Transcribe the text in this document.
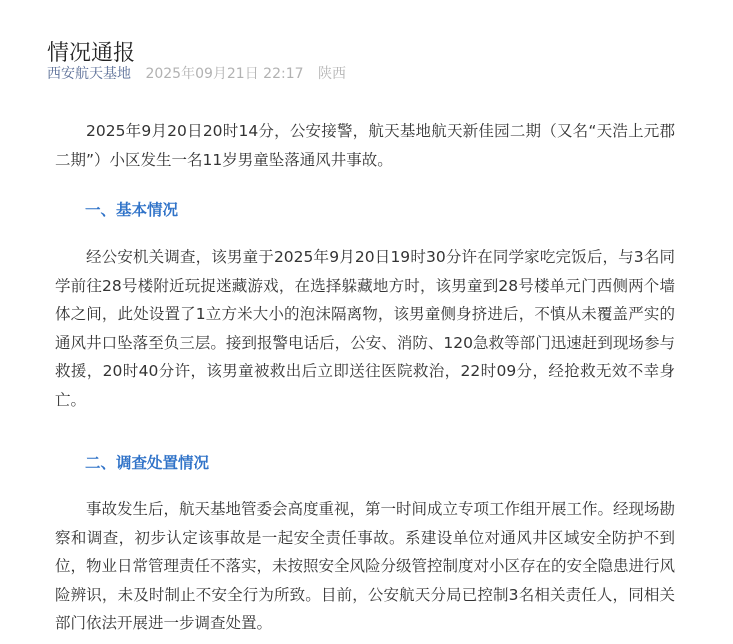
情况通报
西安航天基地 2025年09月21日 22:17 陕西

2025年9月20日20时14分，公安接警，航天基地航天新佳园二期（又名“天浩上元郡二期”）小区发生一名11岁男童坠落通风井事故。

一、基本情况

经公安机关调查，该男童于2025年9月20日19时30分许在同学家吃完饭后，与3名同学前往28号楼附近玩捉迷藏游戏，在选择躲藏地方时，该男童到28号楼单元门西侧两个墙体之间，此处设置了1立方米大小的泡沫隔离物，该男童侧身挤进后，不慎从未覆盖严实的通风井口坠落至负三层。接到报警电话后，公安、消防、120急救等部门迅速赶到现场参与救援，20时40分许，该男童被救出后立即送往医院救治，22时09分，经抢救无效不幸身亡。

二、调查处置情况

事故发生后，航天基地管委会高度重视，第一时间成立专项工作组开展工作。经现场勘察和调查，初步认定该事故是一起安全责任事故。系建设单位对通风井区域安全防护不到位，物业日常管理责任不落实，未按照安全风险分级管控制度对小区存在的安全隐患进行风险辨识，未及时制止不安全行为所致。目前，公安航天分局已控制3名相关责任人，同相关部门依法开展进一步调查处置。
